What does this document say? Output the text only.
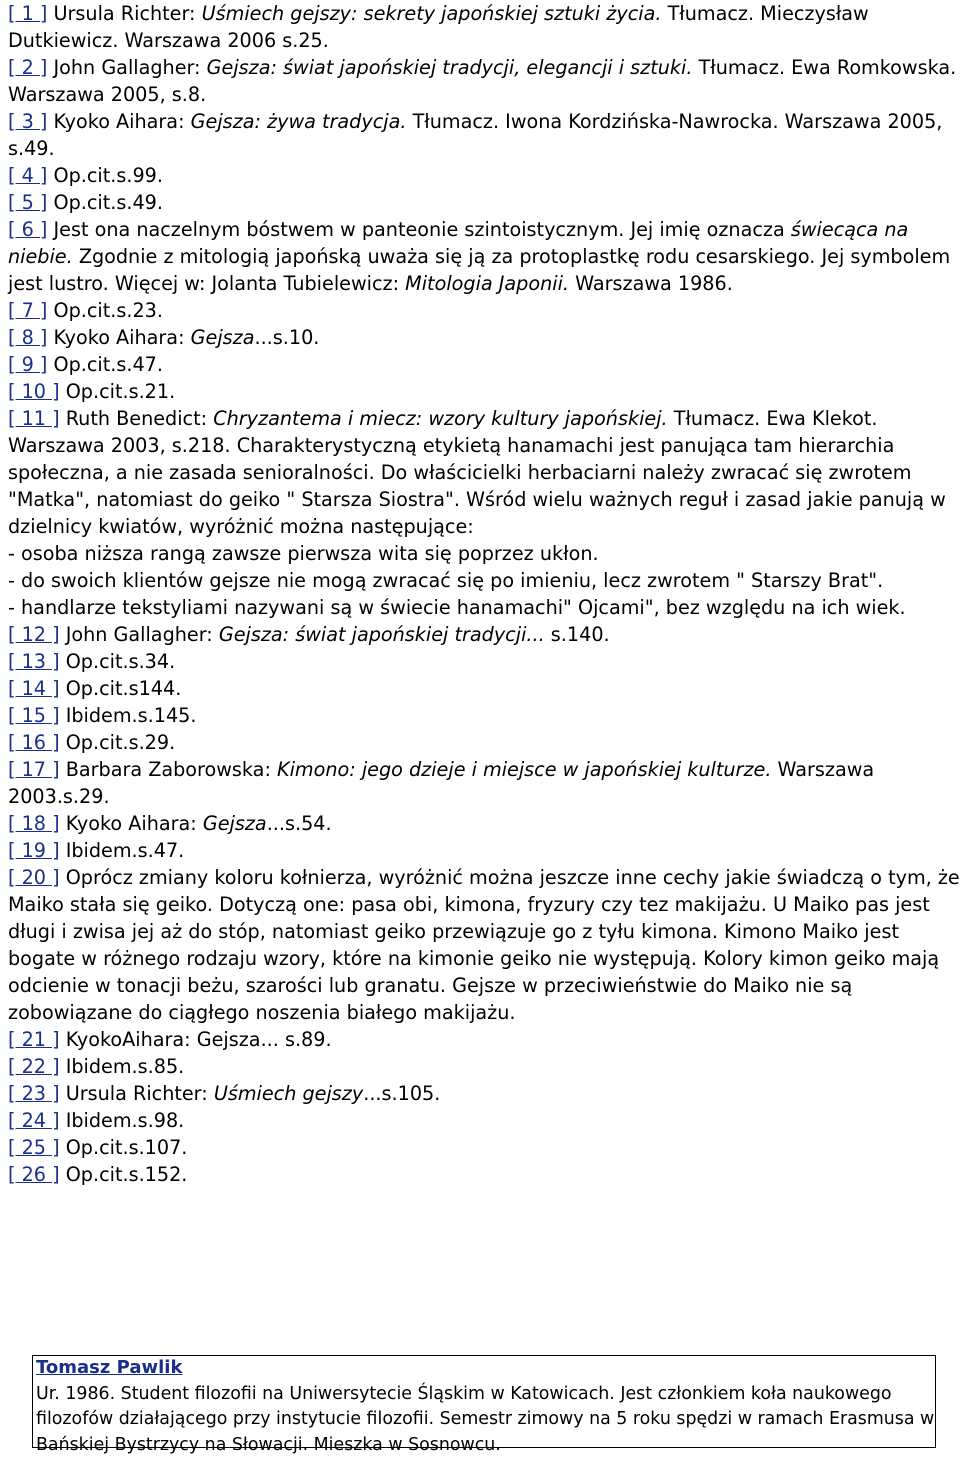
[ 1 ] Ursula Richter: Uśmiech gejszy: sekrety japońskiej sztuki życia. Tłumacz. Mieczysław Dutkiewicz. Warszawa 2006 s.25.

[ 2 ] John Gallagher: Gejsza: świat japońskiej tradycji, elegancji i sztuki. Tłumacz. Ewa Romkowska. Warszawa 2005, s.8.

[ 3 ] Kyoko Aihara: Gejsza: żywa tradycja. Tłumacz. Iwona Kordzińska-Nawrocka. Warszawa 2005, s.49.

[ 4 ] Op.cit.s.99.

[ 5 ] Op.cit.s.49.

[ 6 ] Jest ona naczelnym bóstwem w panteonie szintoistycznym. Jej imię oznacza świecąca na niebie. Zgodnie z mitologią japońską uważa się ją za protoplastkę rodu cesarskiego. Jej symbolem jest lustro. Więcej w: Jolanta Tubielewicz: Mitologia Japonii. Warszawa 1986.

[ 7 ] Op.cit.s.23.

[ 8 ] Kyoko Aihara: Gejsza...s.10.

[ 9 ] Op.cit.s.47.

[ 10 ] Op.cit.s.21.

[ 11 ] Ruth Benedict: Chryzantema i miecz: wzory kultury japońskiej. Tłumacz. Ewa Klekot. Warszawa 2003, s.218. Charakterystyczną etykietą hanamachi jest panująca tam hierarchia społeczna, a nie zasada senioralności. Do właścicielki herbaciarni należy zwracać się zwrotem "Matka", natomiast do geiko " Starsza Siostra". Wśród wielu ważnych reguł i zasad jakie panują w dzielnicy kwiatów, wyróżnić można następujące:
- osoba niższa rangą zawsze pierwsza wita się poprzez ukłon.
- do swoich klientów gejsze nie mogą zwracać się po imieniu, lecz zwrotem " Starszy Brat".
- handlarze tekstyliami nazywani są w świecie hanamachi" Ojcami", bez względu na ich wiek.

[ 12 ] John Gallagher: Gejsza: świat japońskiej tradycji... s.140.

[ 13 ] Op.cit.s.34.

[ 14 ] Op.cit.s144.

[ 15 ] Ibidem.s.145.

[ 16 ] Op.cit.s.29.

[ 17 ] Barbara Zaborowska: Kimono: jego dzieje i miejsce w japońskiej kulturze. Warszawa 2003.s.29.

[ 18 ] Kyoko Aihara: Gejsza...s.54.

[ 19 ] Ibidem.s.47.

[ 20 ] Oprócz zmiany koloru kołnierza, wyróżnić można jeszcze inne cechy jakie świadczą o tym, że Maiko stała się geiko. Dotyczą one: pasa obi, kimona, fryzury czy tez makijażu. U Maiko pas jest długi i zwisa jej aż do stóp, natomiast geiko przewiązuje go z tyłu kimona. Kimono Maiko jest bogate w różnego rodzaju wzory, które na kimonie geiko nie występują. Kolory kimon geiko mają odcienie w tonacji beżu, szarości lub granatu. Gejsze w przeciwieństwie do Maiko nie są zobowiązane do ciągłego noszenia białego makijażu.

[ 21 ] KyokoAihara: Gejsza... s.89.

[ 22 ] Ibidem.s.85.

[ 23 ] Ursula Richter: Uśmiech gejszy...s.105.

[ 24 ] Ibidem.s.98.

[ 25 ] Op.cit.s.107.

[ 26 ] Op.cit.s.152.

Tomasz Pawlik
Ur. 1986. Student filozofii na Uniwersytecie Śląskim w Katowicach. Jest członkiem koła naukowego filozofów działającego przy instytucie filozofii. Semestr zimowy na 5 roku spędzi w ramach Erasmusa w Bańskiej Bystrzycy na Słowacji. Mieszka w Sosnowcu.
